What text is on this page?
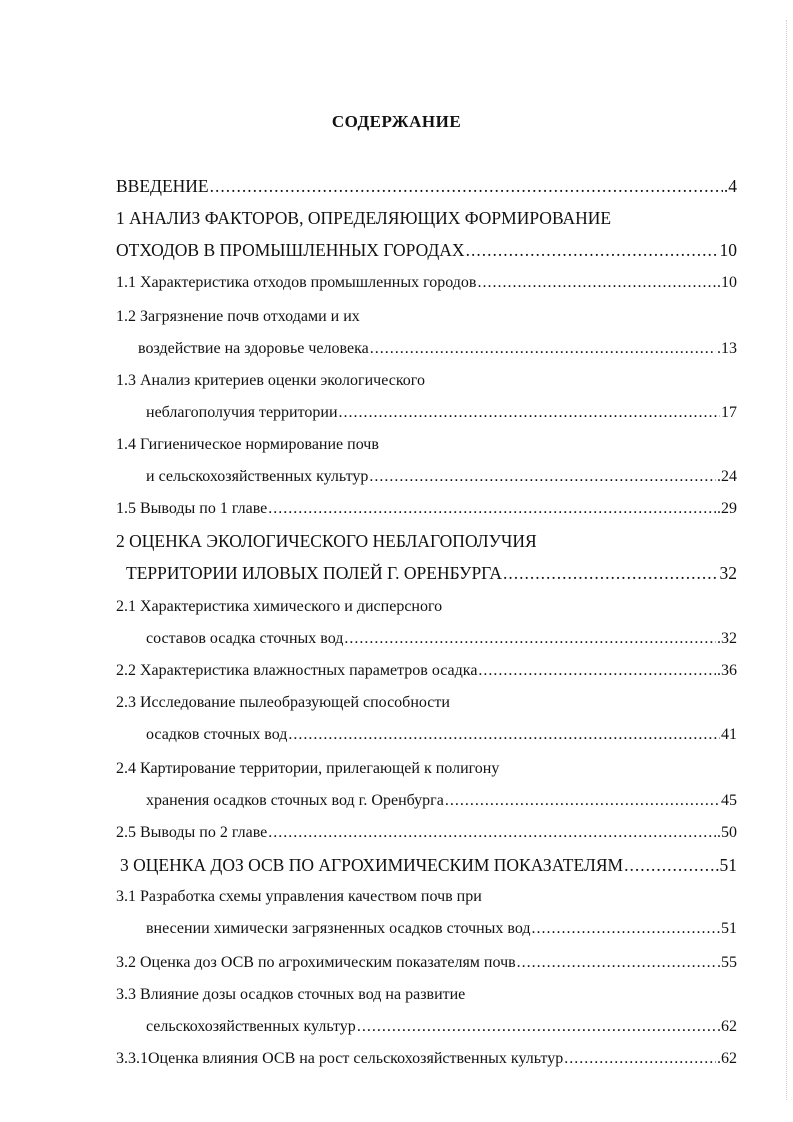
СОДЕРЖАНИЕ
ВВЕДЕНИЕ .....	.4
1 АНАЛИЗ ФАКТОРОВ, ОПРЕДЕЛЯЮЩИХ ФОРМИРОВАНИЕ
ОТХОДОВ В ПРОМЫШЛЕННЫХ ГОРОДАХ .....	10
1.1 Характеристика отходов промышленных городов .....	.10
1.2 Загрязнение почв отходами и их
воздействие на здоровье человека .....	.13
1.3 Анализ критериев оценки экологического
неблагополучия территории .....	17
1.4 Гигиеническое нормирование почв
и сельскохозяйственных культур .....	.24
1.5 Выводы по 1 главе .....	.29
2 ОЦЕНКА ЭКОЛОГИЧЕСКОГО НЕБЛАГОПОЛУЧИЯ
ТЕРРИТОРИИ ИЛОВЫХ ПОЛЕЙ Г. ОРЕНБУРГА .....	32
2.1 Характеристика химического и дисперсного
составов осадка сточных вод .....	.32
2.2 Характеристика влажностных параметров осадка .....	.36
2.3 Исследование пылеобразующей способности
осадков сточных вод .....	41
2.4 Картирование территории, прилегающей к полигону
хранения осадков сточных вод г. Оренбурга .....	45
2.5 Выводы по 2 главе .....	.50
3 ОЦЕНКА ДОЗ ОСВ ПО АГРОХИМИЧЕСКИМ ПОКАЗАТЕЛЯМ .....	.51
3.1 Разработка схемы управления качеством почв при
внесении химически загрязненных осадков сточных вод .....	51
3.2 Оценка доз ОСВ по агрохимическим показателям почв .....	.55
3.3 Влияние дозы осадков сточных вод на развитие
сельскохозяйственных культур .....	.62
3.3.1Оценка влияния ОСВ на рост сельскохозяйственных культур .....	.62
